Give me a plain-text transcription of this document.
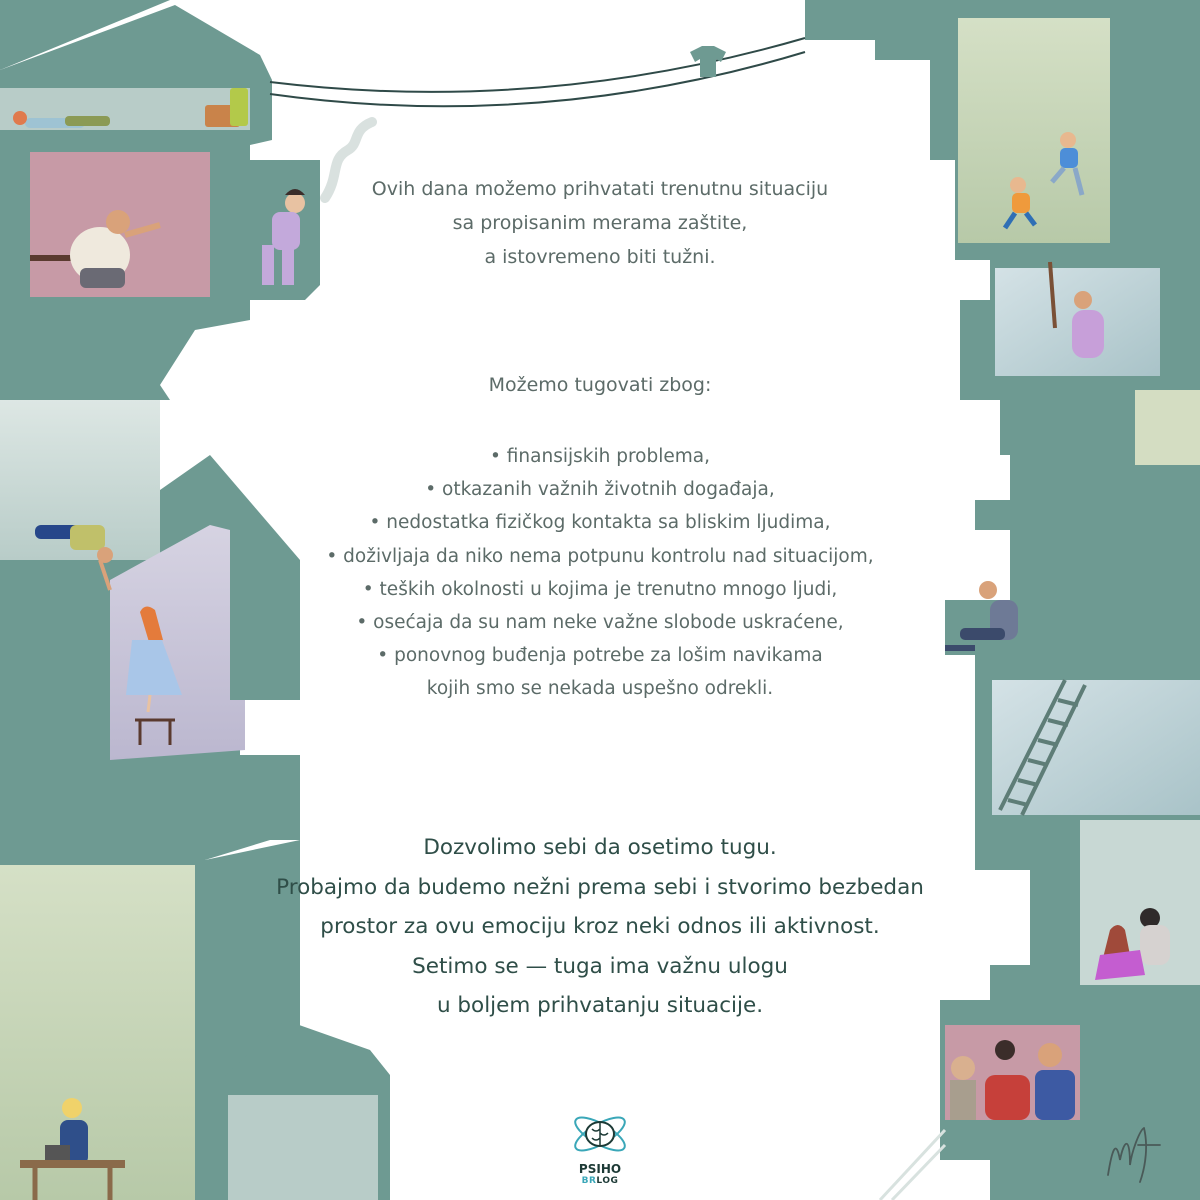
Ovih dana možemo prihvatati trenutnu situaciju
sa propisanim merama zaštite,
a istovremeno biti tužni.
Možemo tugovati zbog:
• finansijskih problema,
• otkazanih važnih životnih događaja,
• nedostatka fizičkog kontakta sa bliskim ljudima,
• doživljaja da niko nema potpunu kontrolu nad situacijom,
• teških okolnosti u kojima je trenutno mnogo ljudi,
• osećaja da su nam neke važne slobode uskraćene,
• ponovnog buđenja potrebe za lošim navikama
kojih smo se nekada uspešno odrekli.
Dozvolimo sebi da osetimo tugu.
Probajmo da budemo nežni prema sebi i stvorimo bezbedan
prostor za ovu emociju kroz neki odnos ili aktivnost.
Setimo se — tuga ima važnu ulogu
u boljem prihvatanju situacije.
PSIHO
BRLOG
